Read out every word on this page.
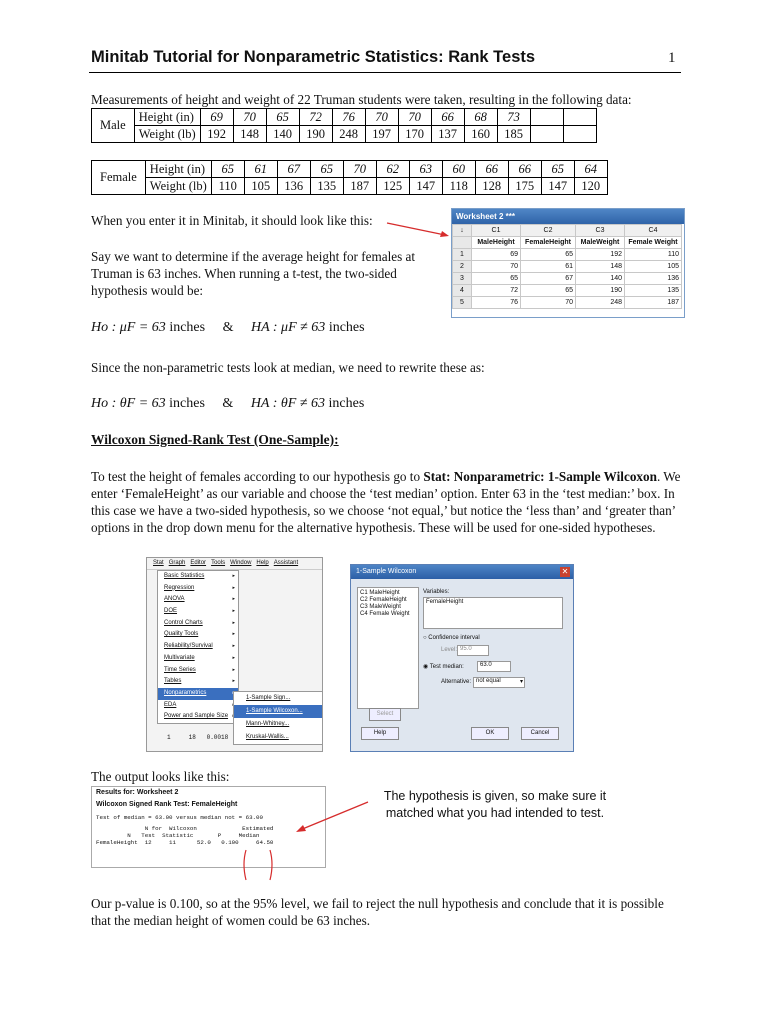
Minitab Tutorial for Nonparametric Statistics: Rank Tests	1
Measurements of height and weight of 22 Truman students were taken, resulting in the following data:
Male	Height (in)	69	70	65	72	76	70	70	66	68	73		
	Weight (lb)	192	148	140	190	248	197	170	137	160	185		
Female	Height (in)	65	61	67	65	70	62	63	60	66	66	65	64
	Weight (lb)	110	105	136	135	187	125	147	118	128	175	147	120
When you enter it in Minitab, it should look like this:	Worksheet 2 ***
↓	C1	C2	C3	C4
	MaleHeight	FemaleHeight	MaleWeight	Female Weight
1	69	65	192	110
2	70	61	148	105
3	65	67	140	136
4	72	65	190	135
5	76	70	248	187
Say we want to determine if the average height for females at Truman is 63 inches. When running a t-test, the two-sided hypothesis would be:
Ho : μF = 63 inches & HA : μF ≠ 63 inches
Since the non-parametric tests look at median, we need to rewrite these as:
Ho : θF = 63 inches & HA : θF ≠ 63 inches
Wilcoxon Signed-Rank Test (One-Sample):
To test the height of females according to our hypothesis go to Stat: Nonparametric: 1-Sample Wilcoxon. We enter ‘FemaleHeight’ as our variable and choose the ‘test median’ option. Enter 63 in the ‘test median:’ box. In this case we have a two-sided hypothesis, so we choose ‘not equal,’ but notice the ‘less than’ and ‘greater than’ options in the drop down menu for the alternative hypothesis. These will be used for one-sided hypotheses.
Stat Graph Editor Tools Window Help Assistant
Basic Statistics ▸
Regression ▸
ANOVA ▸
DOE ▸
Control Charts ▸
Quality Tools ▸
Reliability/Survival ▸
Multivariate ▸
Time Series ▸
Tables ▸
Nonparametrics ▸
EDA ▸
Power and Sample Size ▸
1-Sample Sign...
1-Sample Wilcoxon...
Mann-Whitney...
Kruskal-Wallis...
1     18   0.0018
1-Sample Wilcoxon	✕
C1 MaleHeight
C2 FemaleHeight
C3 MaleWeight
C4 Female Weight
Variables:
FemaleHeight
○ Confidence interval
Level: 95.0
◉ Test median:	63.0
Alternative: not equal	▾
Select
Help	OK	Cancel
The output looks like this:
Results for: Worksheet 2
Wilcoxon Signed Rank Test: FemaleHeight
Test of median = 63.00 versus median not = 63.00
N for  Wilcoxon             Estimated
N   Test  Statistic       P     Median
FemaleHeight  12     11      52.0   0.100     64.50
The hypothesis is given, so make sure it matched what you had intended to test.
Our p-value is 0.100, so at the 95% level, we fail to reject the null hypothesis and conclude that it is possible that the median height of women could be 63 inches.
